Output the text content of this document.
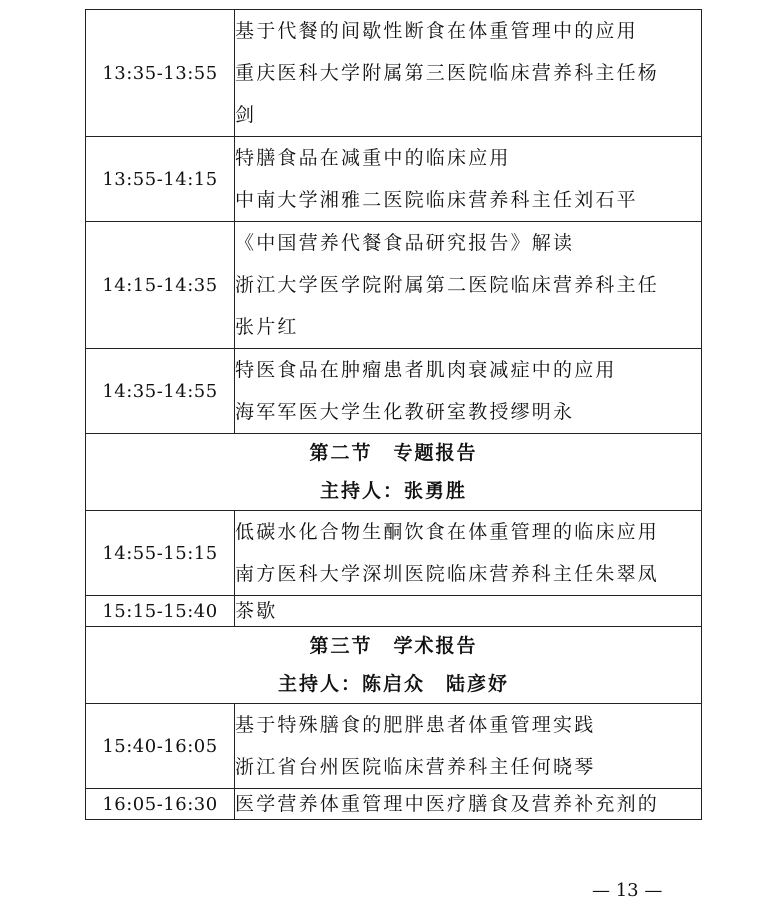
13:35-13:55	基于代餐的间歇性断食在体重管理中的应用
重庆医科大学附属第三医院临床营养科主任杨
剑

13:55-14:15	特膳食品在减重中的临床应用
中南大学湘雅二医院临床营养科主任刘石平

14:15-14:35	《中国营养代餐食品研究报告》解读
浙江大学医学院附属第二医院临床营养科主任
张片红

14:35-14:55	特医食品在肿瘤患者肌肉衰减症中的应用
海军军医大学生化教研室教授缪明永

第二节　专题报告
主持人：张勇胜	

14:55-15:15	低碳水化合物生酮饮食在体重管理的临床应用
南方医科大学深圳医院临床营养科主任朱翠凤

15:15-15:40	茶歇

第三节　学术报告
主持人：陈启众　陆彦妤	

15:40-16:05	基于特殊膳食的肥胖患者体重管理实践
浙江省台州医院临床营养科主任何晓琴

16:05-16:30	医学营养体重管理中医疗膳食及营养补充剂的
— 13 —
